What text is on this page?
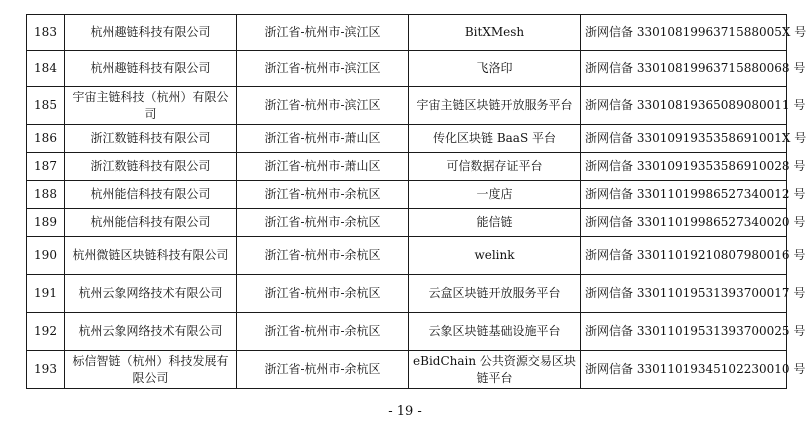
183	杭州趣链科技有限公司	浙江省-杭州市-滨江区	BitXMesh	浙网信备 330108199637158800​5X 号
184	杭州趣链科技有限公司	浙江省-杭州市-滨江区	飞洛印	浙网信备 330108199637158800​68 号
185	宇宙主链科技（杭州）有限公司	浙江省-杭州市-滨江区	宇宙主链区块链开放服务平台	浙网信备 330108193650890800​11 号
186	浙江数链科技有限公司	浙江省-杭州市-萧山区	传化区块链 BaaS 平台	浙网信备 330109193535869100​1X 号
187	浙江数链科技有限公司	浙江省-杭州市-萧山区	可信数据存证平台	浙网信备 330109193535869100​28 号
188	杭州能信科技有限公司	浙江省-杭州市-余杭区	一度店	浙网信备 330110199865273400​12 号
189	杭州能信科技有限公司	浙江省-杭州市-余杭区	能信链	浙网信备 330110199865273400​20 号
190	杭州微链区块链科技有限公司	浙江省-杭州市-余杭区	welink	浙网信备 330110192108079800​16 号
191	杭州云象网络技术有限公司	浙江省-杭州市-余杭区	云盒区块链开放服务平台	浙网信备 330110195313937000​17 号
192	杭州云象网络技术有限公司	浙江省-杭州市-余杭区	云象区块链基础设施平台	浙网信备 330110195313937000​25 号
193	标信智链（杭州）科技发展有限公司	浙江省-杭州市-余杭区	eBidChain 公共资源交易区块链平台	浙网信备 330110193451022300​10 号
- 19 -
